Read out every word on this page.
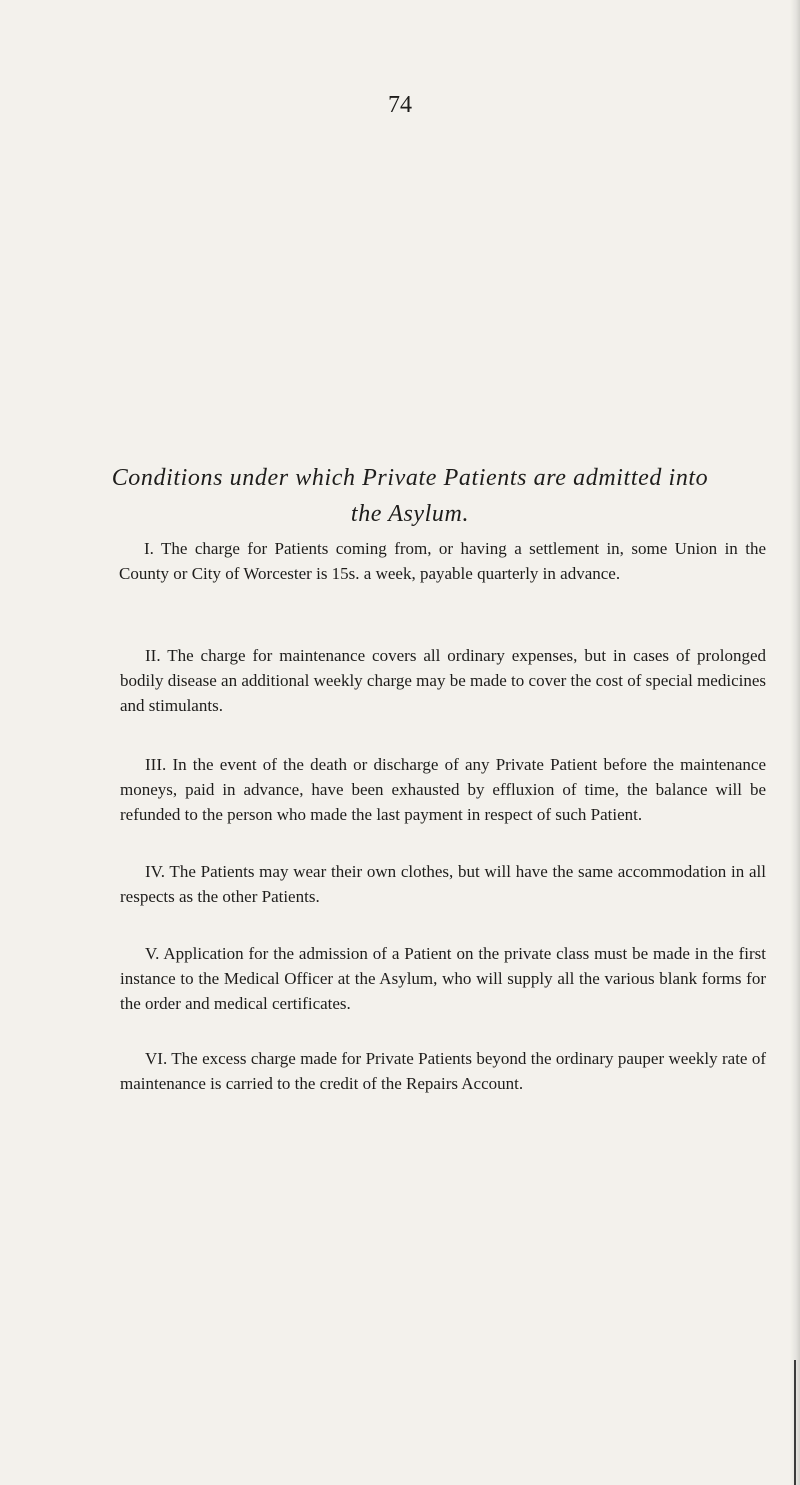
74
Conditions under which Private Patients are admitted into
the Asylum.

I. The charge for Patients coming from, or having a settlement in, some Union in the County or City of Worcester is 15s. a week, payable quarterly in advance.

II. The charge for maintenance covers all ordinary expenses, but in cases of prolonged bodily disease an additional weekly charge may be made to cover the cost of special medicines and stimulants.

III. In the event of the death or discharge of any Private Patient before the maintenance moneys, paid in advance, have been exhausted by effluxion of time, the balance will be refunded to the person who made the last payment in respect of such Patient.

IV. The Patients may wear their own clothes, but will have the same accommodation in all respects as the other Patients.

V. Application for the admission of a Patient on the private class must be made in the first instance to the Medical Officer at the Asylum, who will supply all the various blank forms for the order and medical certificates.

VI. The excess charge made for Private Patients beyond the ordinary pauper weekly rate of maintenance is carried to the credit of the Repairs Account.
